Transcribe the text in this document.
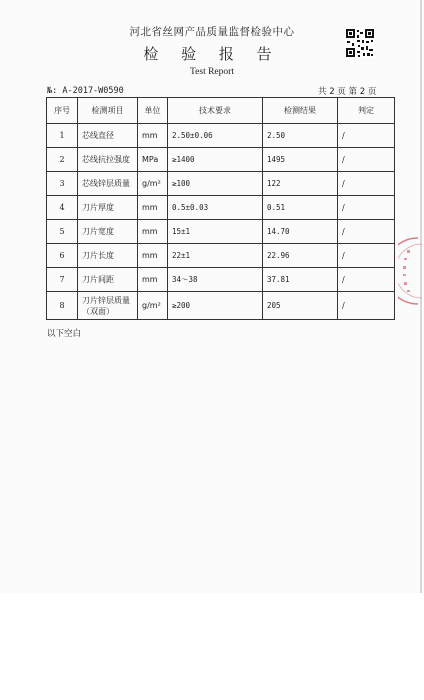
河北省丝网产品质量监督检验中心
检 验 报 告
Test Report
№: A-2017-W0590	共 2 页 第 2 页
序号	检测项目	单位	技术要求	检测结果	判定
1	芯线直径	mm	2.50±0.06	2.50	/
2	芯线抗拉强度	MPa	≥1400	1495	/
3	芯线锌层质量	g/m²	≥100	122	/
4	刀片厚度	mm	0.5±0.03	0.51	/
5	刀片宽度	mm	15±1	14.70	/
6	刀片长度	mm	22±1	22.96	/
7	刀片间距	mm	34～38	37.81	/
8	刀片锌层质量（双面）	g/m²	≥200	205	/
以下空白
